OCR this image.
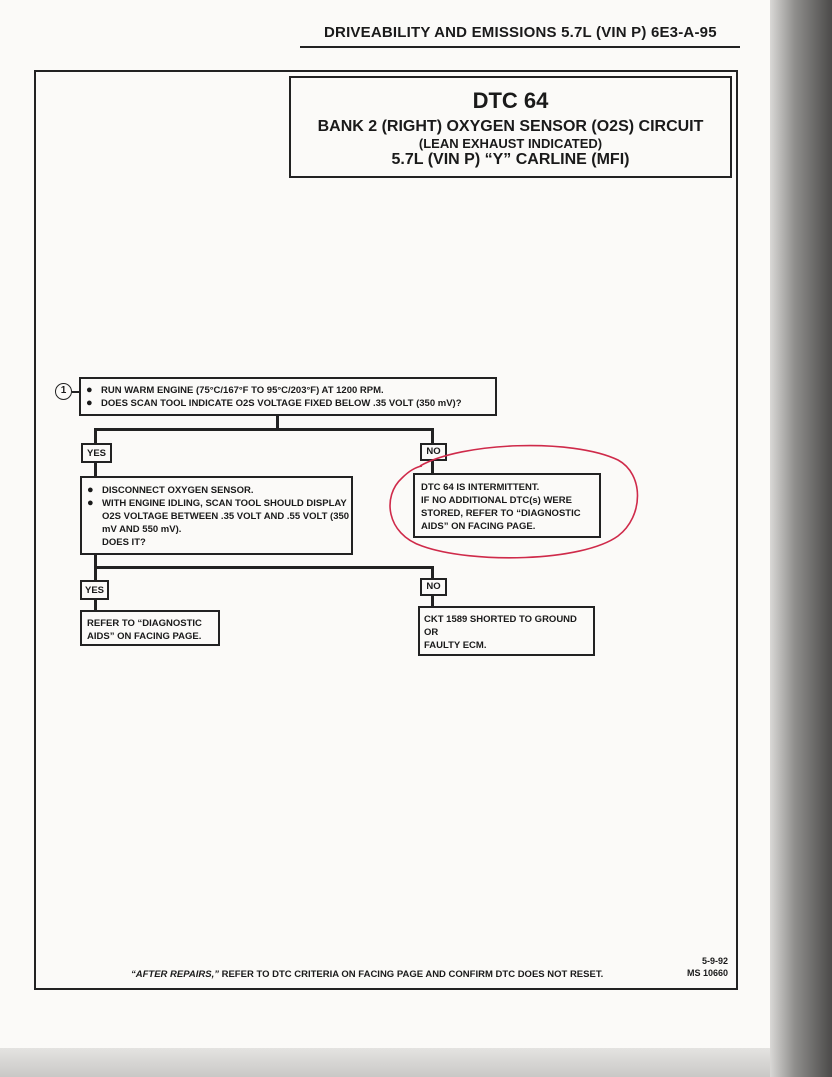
DRIVEABILITY AND EMISSIONS 5.7L (VIN P) 6E3-A-95
DTC 64
BANK 2 (RIGHT) OXYGEN SENSOR (O2S) CIRCUIT
(LEAN EXHAUST INDICATED)
5.7L (VIN P) “Y” CARLINE (MFI)
1	● RUN WARM ENGINE (75°C/167°F TO 95°C/203°F) AT 1200 RPM.
● DOES SCAN TOOL INDICATE O2S VOLTAGE FIXED BELOW .35 VOLT (350 mV)?
YES	NO
● DISCONNECT OXYGEN SENSOR.
● WITH ENGINE IDLING, SCAN TOOL SHOULD DISPLAY O2S VOLTAGE BETWEEN .35 VOLT AND .55 VOLT (350 mV AND 550 mV).
DOES IT?
DTC 64 IS INTERMITTENT.
IF NO ADDITIONAL DTC(s) WERE
STORED, REFER TO “DIAGNOSTIC
AIDS” ON FACING PAGE.
YES	NO
REFER TO “DIAGNOSTIC
AIDS” ON FACING PAGE.
CKT 1589 SHORTED TO GROUND
OR
FAULTY ECM.
“AFTER REPAIRS,” REFER TO DTC CRITERIA ON FACING PAGE AND CONFIRM DTC DOES NOT RESET.
5-9-92
MS 10660
